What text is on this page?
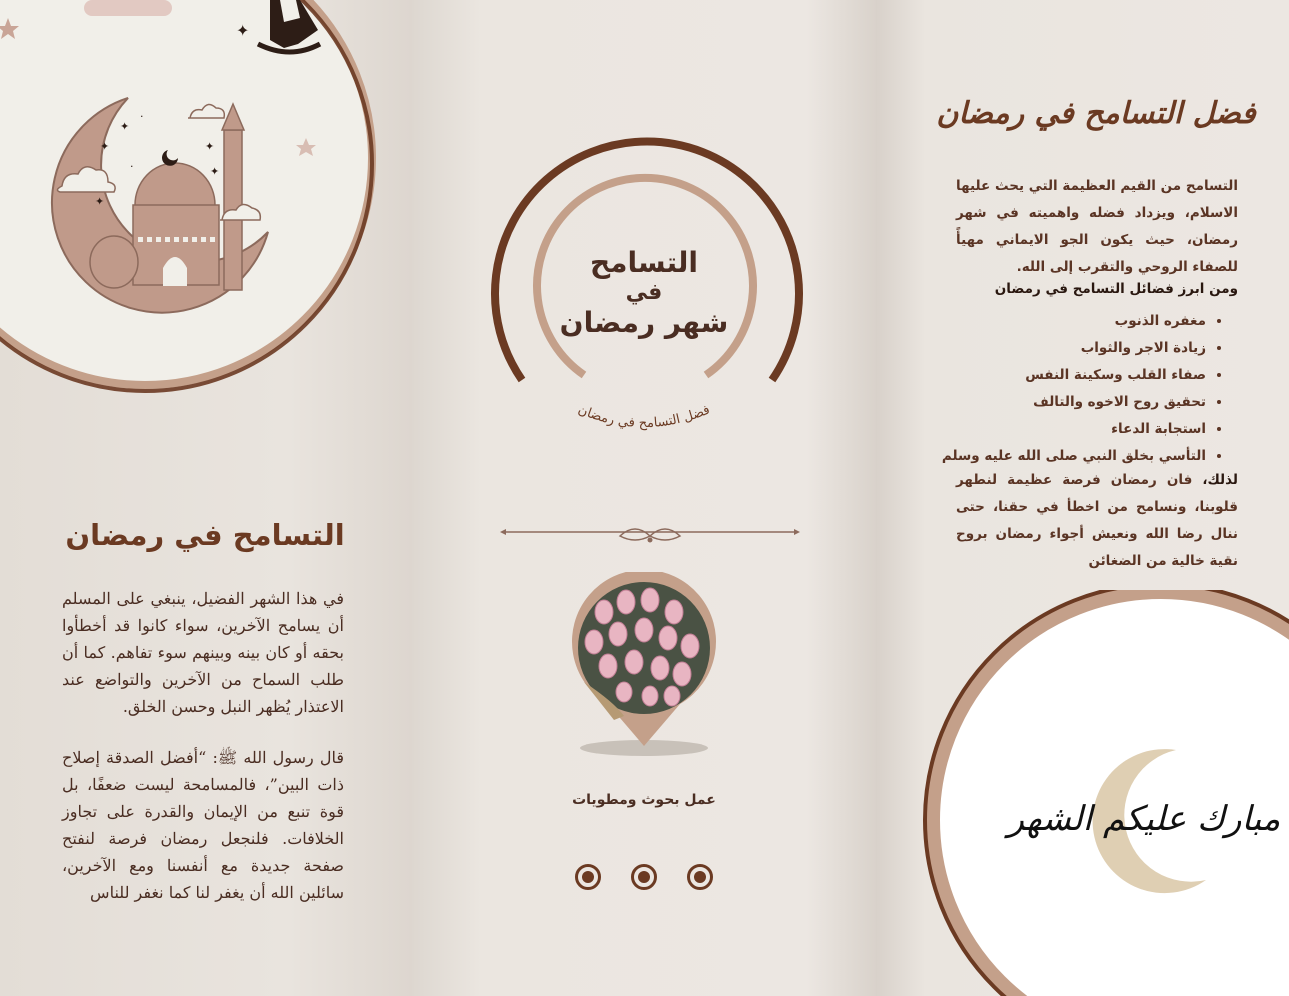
✦
✦
✦
·
✦
✦
·	✦
التسامح في رمضان

في هذا الشهر الفضيل، ينبغي على المسلم أن يسامح الآخرين، سواء كانوا قد أخطأوا بحقه أو كان بينه وبينهم سوء تفاهم. كما أن طلب السماح من الآخرين والتواضع عند الاعتذار يُظهر النبل وحسن الخلق.

قال رسول الله ﷺ: “أفضل الصدقة إصلاح ذات البين”، فالمسامحة ليست ضعفًا، بل قوة تنبع من الإيمان والقدرة على تجاوز الخلافات. فلنجعل رمضان فرصة لنفتح صفحة جديدة مع أنفسنا ومع الآخرين، سائلين الله أن يغفر لنا كما نغفر للناس

فضل التسامح في رمضان
التسامح
في
شهر رمضان
عمل بحوث ومطويات
فضل التسامح في رمضان

التسامح من القيم العظيمة التي يحث عليها الاسلام، ويزداد فضله واهميته في شهر رمضان، حيث يكون الجو الايماني مهيأً للصفاء الروحي والتقرب إلى الله.

ومن ابرز فضائل التسامح في رمضان
• مغفره الذنوب
• زيادة الاجر والثواب
• صفاء القلب وسكينة النفس
• تحقيق روح الاخوه والتالف
• استجابة الدعاء
• التأسي بخلق النبي صلى الله عليه وسلم

لذلك، فان رمضان فرصة عظيمة لنطهر قلوبنا، ونسامح من اخطأ في حقنا، حتى ننال رضا الله ونعيش أجواء رمضان بروح نقية خالية من الضغائن

مبارك عليكم الشهر
